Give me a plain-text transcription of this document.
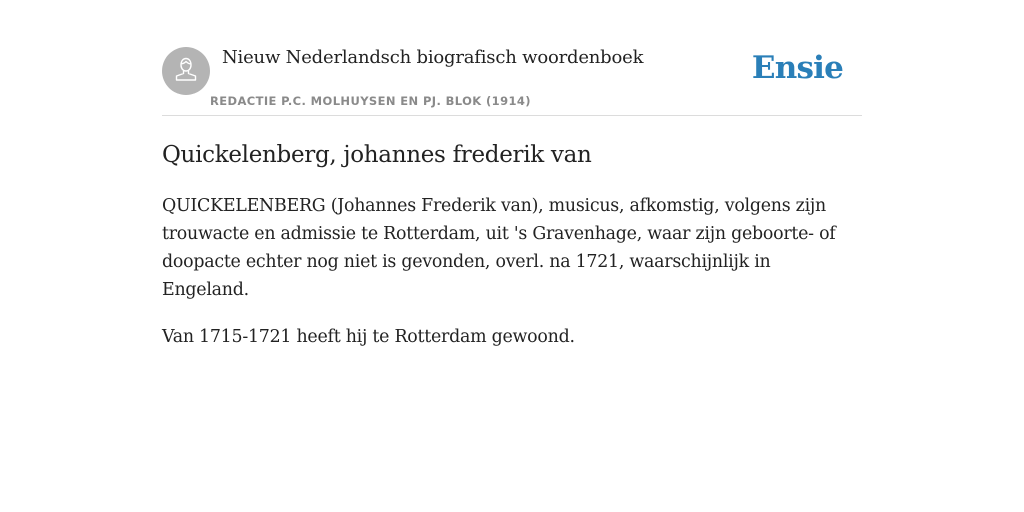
Nieuw Nederlandsch biografisch woordenboek
REDACTIE P.C. MOLHUYSEN EN PJ. BLOK (1914)
Ensie
Quickelenberg, johannes frederik van

QUICKELENBERG (Johannes Frederik van), musicus, afkomstig, volgens zijn trouwacte en admissie te Rotterdam, uit 's Gravenhage, waar zijn geboorte- of doopacte echter nog niet is gevonden, overl. na 1721, waarschijnlijk in Engeland.

Van 1715-1721 heeft hij te Rotterdam gewoond.
